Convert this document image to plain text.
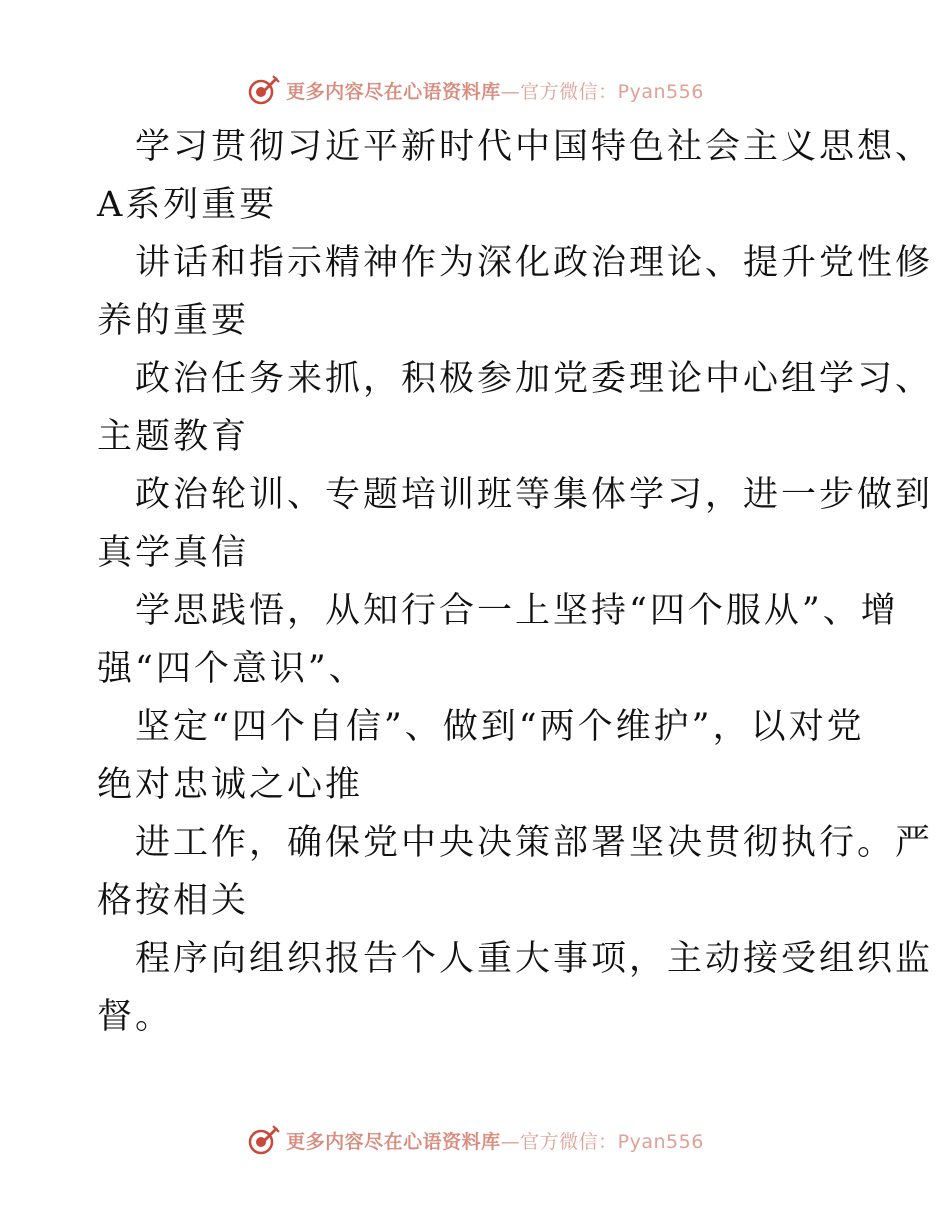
更多内容尽在心语资料库—官方微信：Pyan556
学习贯彻习近平新时代中国特色社会主义思想、
A系列重要
讲话和指示精神作为深化政治理论、提升党性修
养的重要
政治任务来抓，积极参加党委理论中心组学习、
主题教育
政治轮训、专题培训班等集体学习，进一步做到
真学真信
学思践悟，从知行合一上坚持“四个服从”、增
强“四个意识”、
坚定“四个自信”、做到“两个维护”，以对党
绝对忠诚之心推
进工作，确保党中央决策部署坚决贯彻执行。严
格按相关
程序向组织报告个人重大事项，主动接受组织监
督。
更多内容尽在心语资料库—官方微信：Pyan556
